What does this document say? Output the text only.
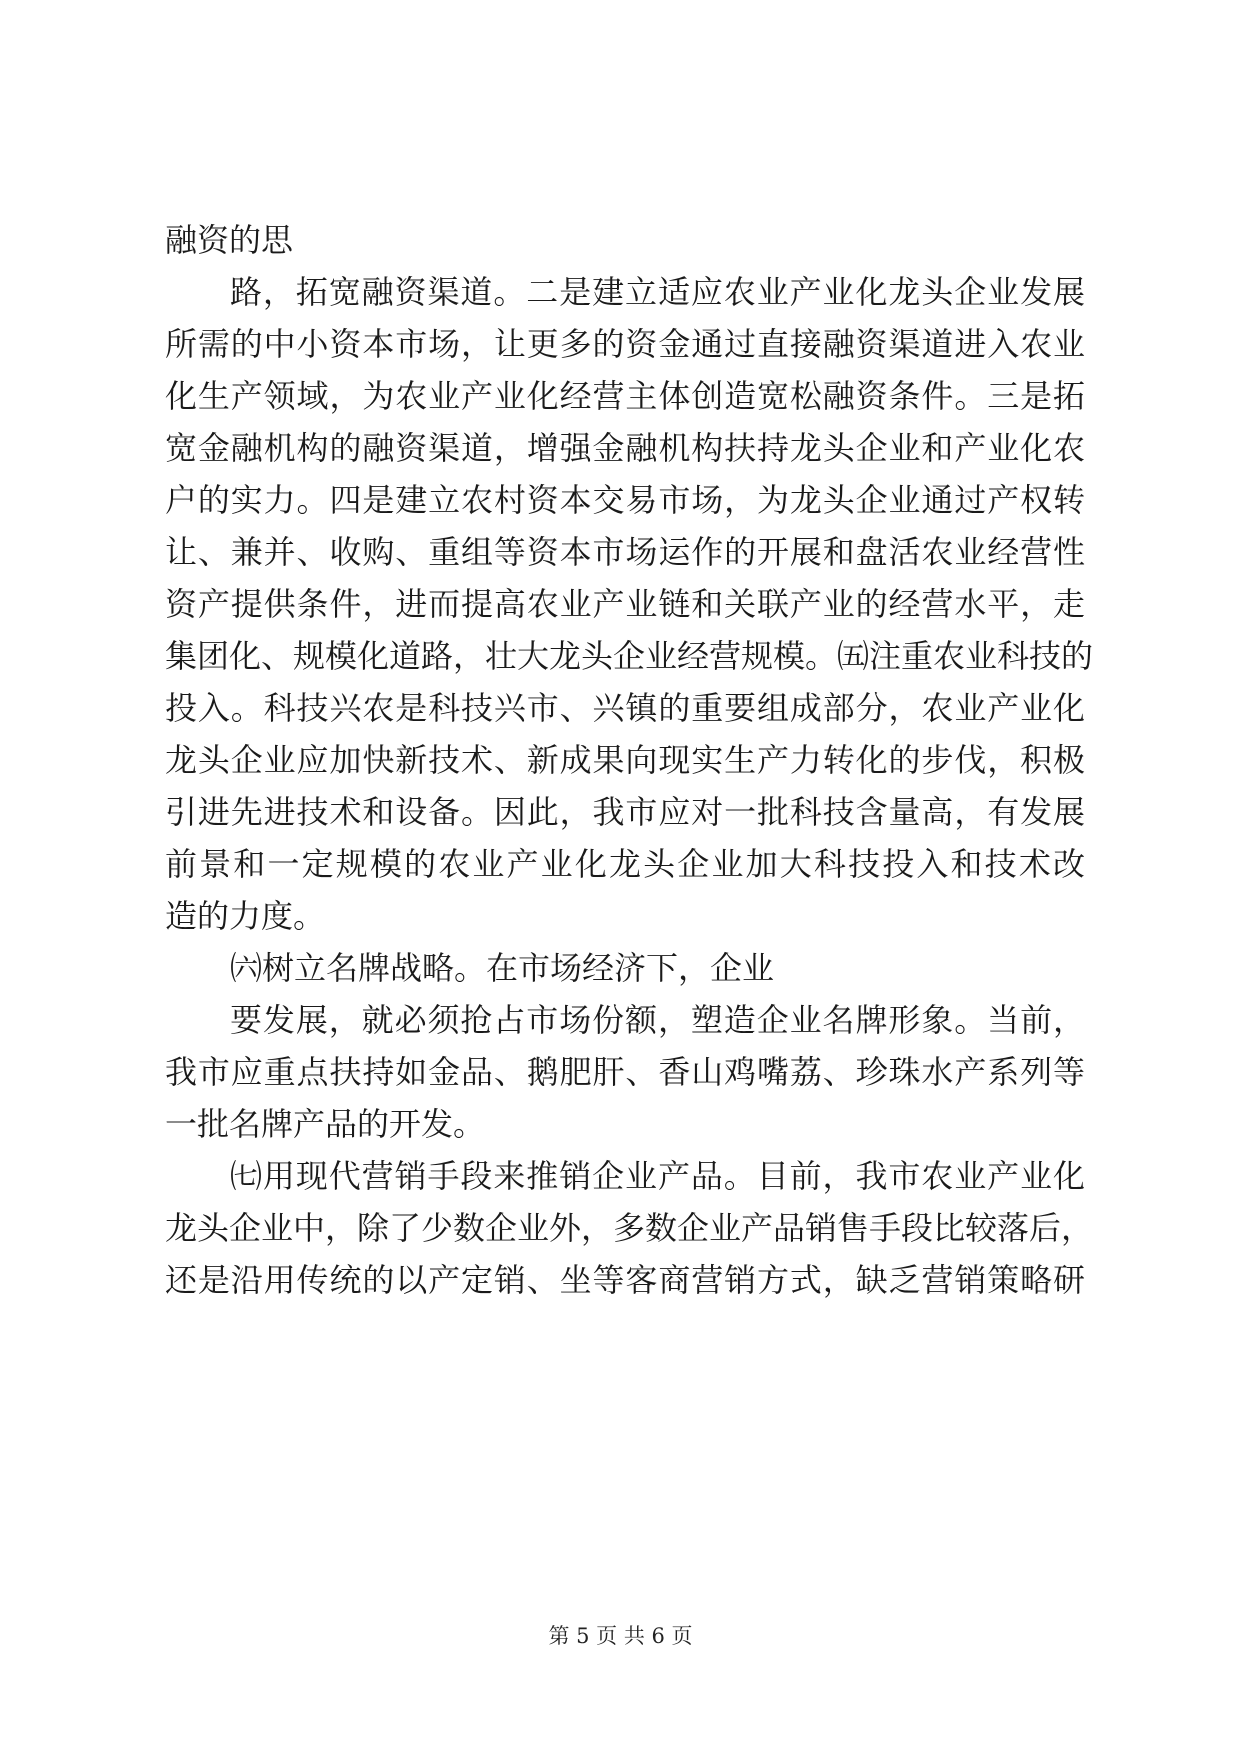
融资的思
路，拓宽融资渠道。二是建立适应农业产业化龙头企业发展
所需的中小资本市场，让更多的资金通过直接融资渠道进入农业
化生产领域，为农业产业化经营主体创造宽松融资条件。三是拓
宽金融机构的融资渠道，增强金融机构扶持龙头企业和产业化农
户的实力。四是建立农村资本交易市场，为龙头企业通过产权转
让、兼并、收购、重组等资本市场运作的开展和盘活农业经营性
资产提供条件，进而提高农业产业链和关联产业的经营水平，走
集团化、规模化道路，壮大龙头企业经营规模。㈤注重农业科技的
投入。科技兴农是科技兴市、兴镇的重要组成部分，农业产业化
龙头企业应加快新技术、新成果向现实生产力转化的步伐，积极
引进先进技术和设备。因此，我市应对一批科技含量高，有发展
前景和一定规模的农业产业化龙头企业加大科技投入和技术改
造的力度。
㈥树立名牌战略。在市场经济下，企业
要发展，就必须抢占市场份额，塑造企业名牌形象。当前，
我市应重点扶持如金品、鹅肥肝、香山鸡嘴荔、珍珠水产系列等
一批名牌产品的开发。
㈦用现代营销手段来推销企业产品。目前，我市农业产业化
龙头企业中，除了少数企业外，多数企业产品销售手段比较落后，
还是沿用传统的以产定销、坐等客商营销方式，缺乏营销策略研
第 5 页 共 6 页
